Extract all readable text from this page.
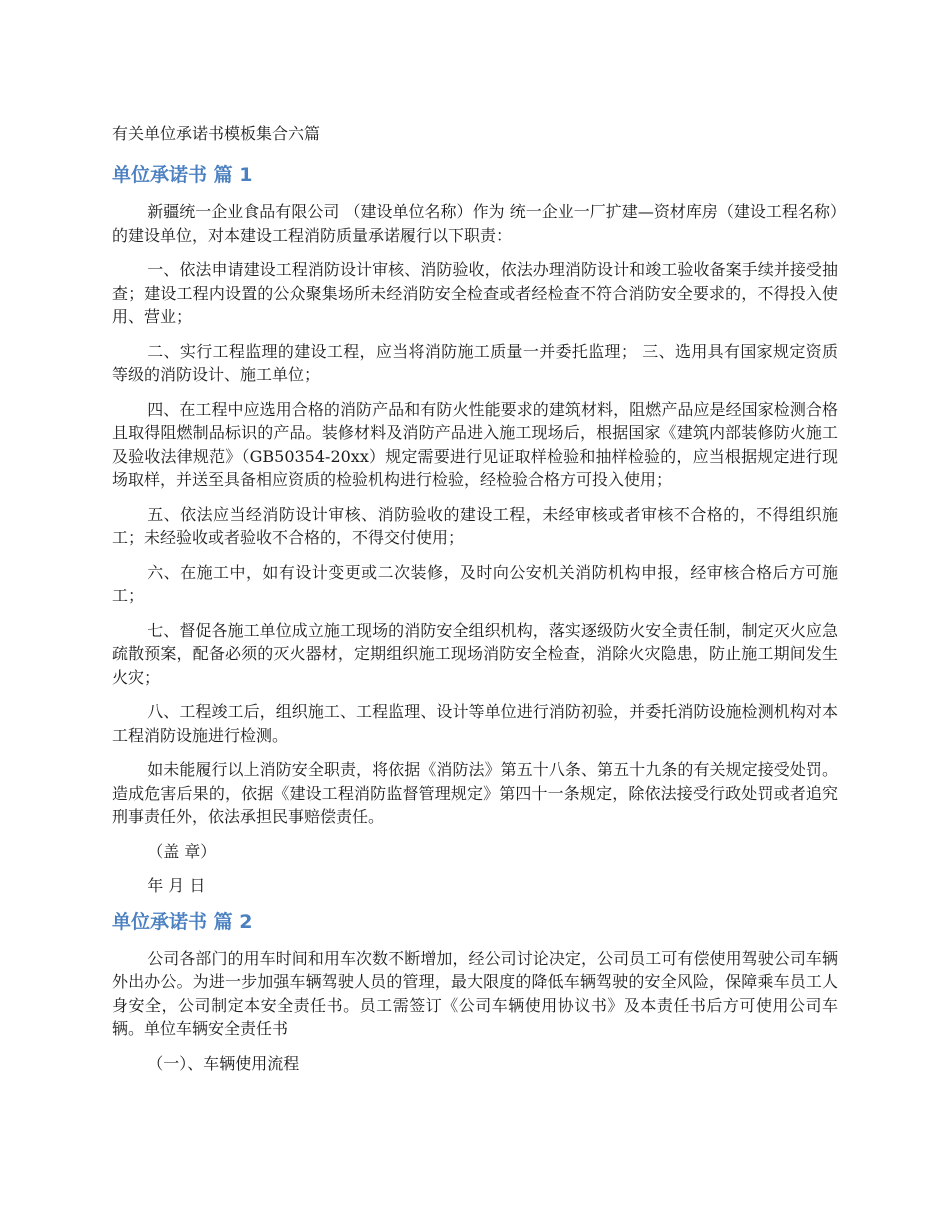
有关单位承诺书模板集合六篇
单位承诺书 篇 1

新疆统一企业食品有限公司 （建设单位名称）作为 统一企业一厂扩建—资材库房（建设工程名称）的建设单位，对本建设工程消防质量承诺履行以下职责：

一、依法申请建设工程消防设计审核、消防验收，依法办理消防设计和竣工验收备案手续并接受抽查；建设工程内设置的公众聚集场所未经消防安全检查或者经检查不符合消防安全要求的，不得投入使用、营业；

二、实行工程监理的建设工程，应当将消防施工质量一并委托监理； 三、选用具有国家规定资质等级的消防设计、施工单位；

四、在工程中应选用合格的消防产品和有防火性能要求的建筑材料，阻燃产品应是经国家检测合格且取得阻燃制品标识的产品。装修材料及消防产品进入施工现场后，根据国家《建筑内部装修防火施工及验收法律规范》（GB50354-20xx）规定需要进行见证取样检验和抽样检验的，应当根据规定进行现场取样，并送至具备相应资质的检验机构进行检验，经检验合格方可投入使用；

五、依法应当经消防设计审核、消防验收的建设工程，未经审核或者审核不合格的，不得组织施工；未经验收或者验收不合格的，不得交付使用；

六、在施工中，如有设计变更或二次装修，及时向公安机关消防机构申报，经审核合格后方可施工；

七、督促各施工单位成立施工现场的消防安全组织机构，落实逐级防火安全责任制，制定灭火应急疏散预案，配备必须的灭火器材，定期组织施工现场消防安全检查，消除火灾隐患，防止施工期间发生火灾；

八、工程竣工后，组织施工、工程监理、设计等单位进行消防初验，并委托消防设施检测机构对本工程消防设施进行检测。

如未能履行以上消防安全职责，将依据《消防法》第五十八条、第五十九条的有关规定接受处罚。造成危害后果的，依据《建设工程消防监督管理规定》第四十一条规定，除依法接受行政处罚或者追究刑事责任外，依法承担民事赔偿责任。

（盖 章）

年 月 日

单位承诺书 篇 2

公司各部门的用车时间和用车次数不断增加，经公司讨论决定，公司员工可有偿使用驾驶公司车辆外出办公。为进一步加强车辆驾驶人员的管理，最大限度的降低车辆驾驶的安全风险，保障乘车员工人身安全，公司制定本安全责任书。员工需签订《公司车辆使用协议书》及本责任书后方可使用公司车辆。单位车辆安全责任书

（一）、车辆使用流程
